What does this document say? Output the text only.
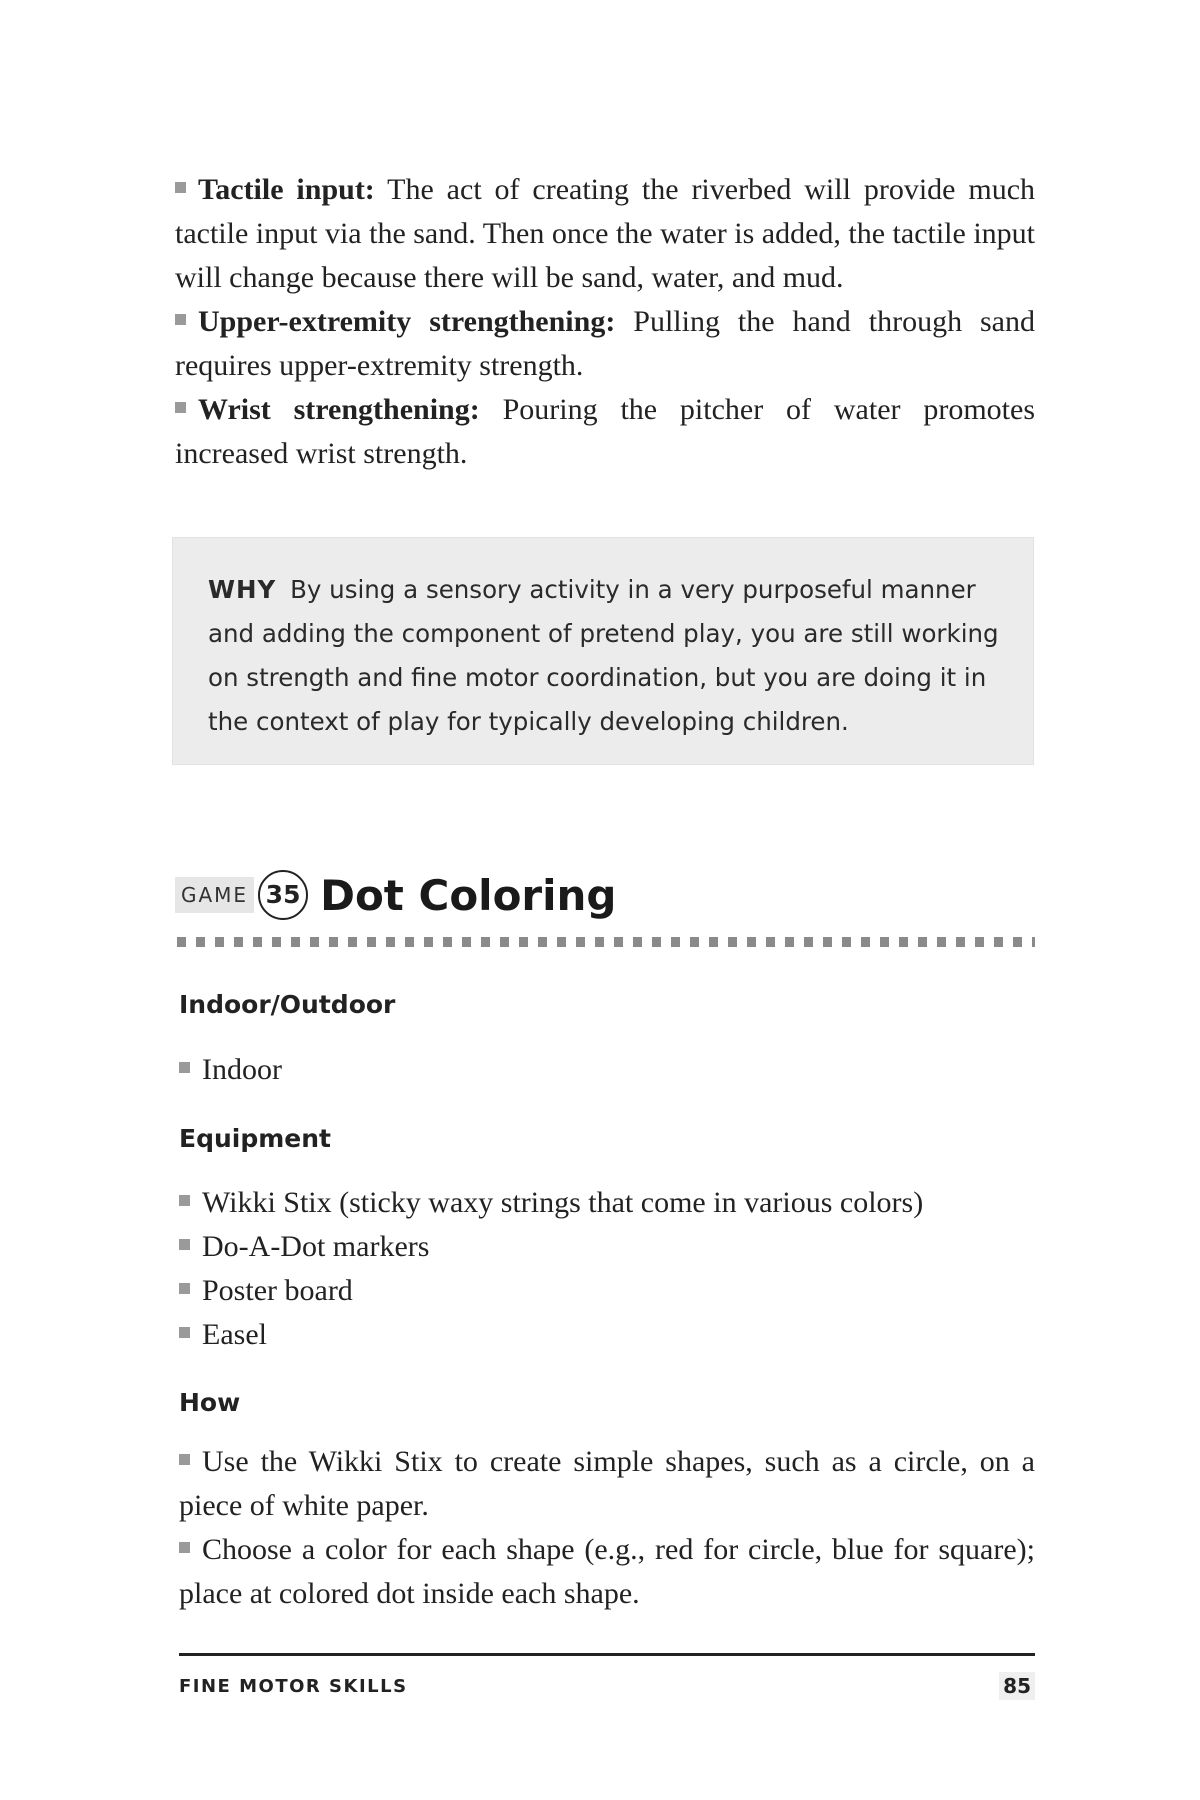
Tactile input: The act of creating the riverbed will provide much tactile input via the sand. Then once the water is added, the tactile input will change because there will be sand, water, and mud.

Upper-extremity strengthening: Pulling the hand through sand requires upper-extremity strength.

Wrist strengthening: Pouring the pitcher of water promotes increased wrist strength.

WHY By using a sensory activity in a very purposeful manner and adding the component of pretend play, you are still working on strength and fine motor coordination, but you are doing it in the context of play for typically developing children.

GAME 35 Dot Coloring
Indoor/Outdoor
Indoor
Equipment
Wikki Stix (sticky waxy strings that come in various colors)
Do-A-Dot markers
Poster board
Easel
How

Use the Wikki Stix to create simple shapes, such as a circle, on a piece of white paper.

Choose a color for each shape (e.g., red for circle, blue for square); place at colored dot inside each shape.

FINE MOTOR SKILLS	85
